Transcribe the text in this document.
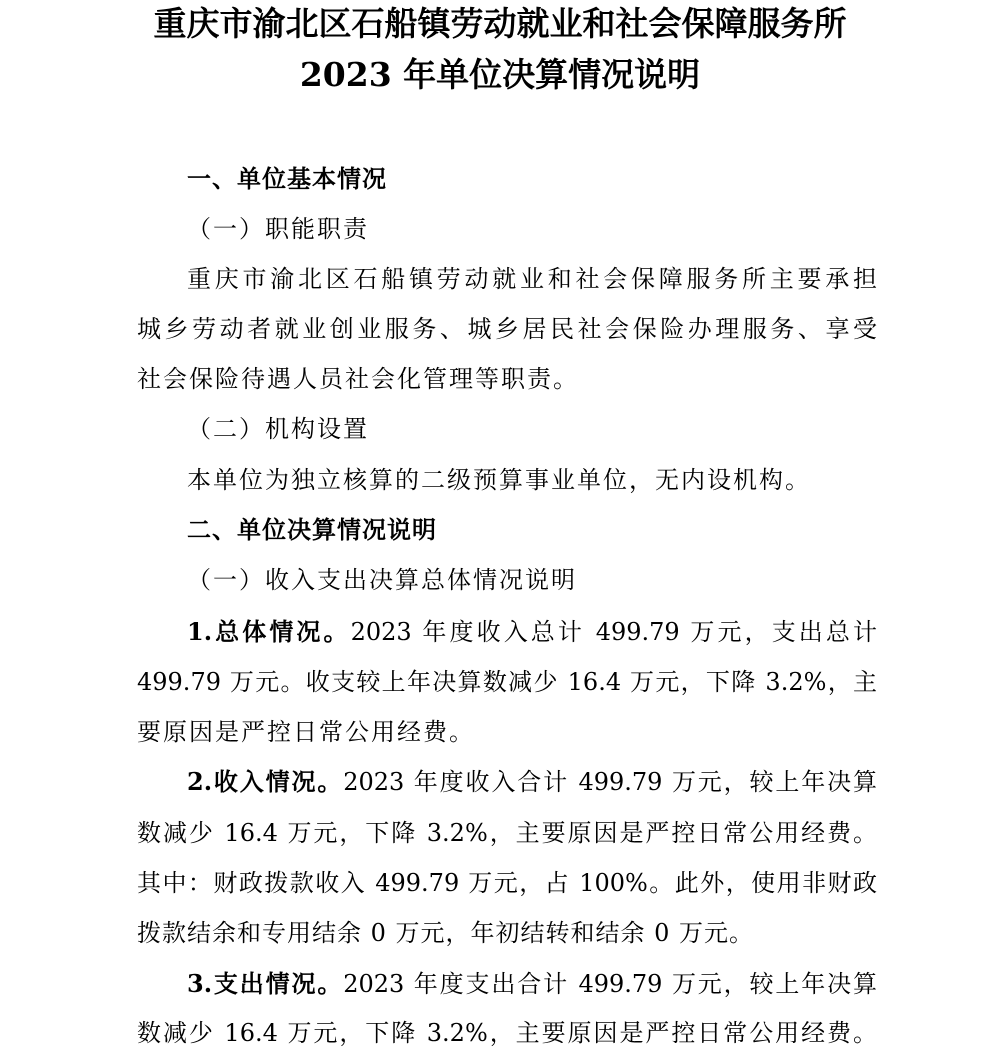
重庆市渝北区石船镇劳动就业和社会保障服务所
2023 年单位决算情况说明
一、单位基本情况
（一）职能职责
重庆市渝北区石船镇劳动就业和社会保障服务所主要承担
城乡劳动者就业创业服务、城乡居民社会保险办理服务、享受
社会保险待遇人员社会化管理等职责。
（二）机构设置
本单位为独立核算的二级预算事业单位，无内设机构。
二、单位决算情况说明
（一）收入支出决算总体情况说明
1.总体情况。2023 年度收入总计 499.79 万元，支出总计
499.79 万元。收支较上年决算数减少 16.4 万元，下降 3.2%，主
要原因是严控日常公用经费。
2.收入情况。2023 年度收入合计 499.79 万元，较上年决算
数减少 16.4 万元，下降 3.2%，主要原因是严控日常公用经费。
其中：财政拨款收入 499.79 万元，占 100%。此外，使用非财政
拨款结余和专用结余 0 万元，年初结转和结余 0 万元。
3.支出情况。2023 年度支出合计 499.79 万元，较上年决算
数减少 16.4 万元，下降 3.2%，主要原因是严控日常公用经费。
